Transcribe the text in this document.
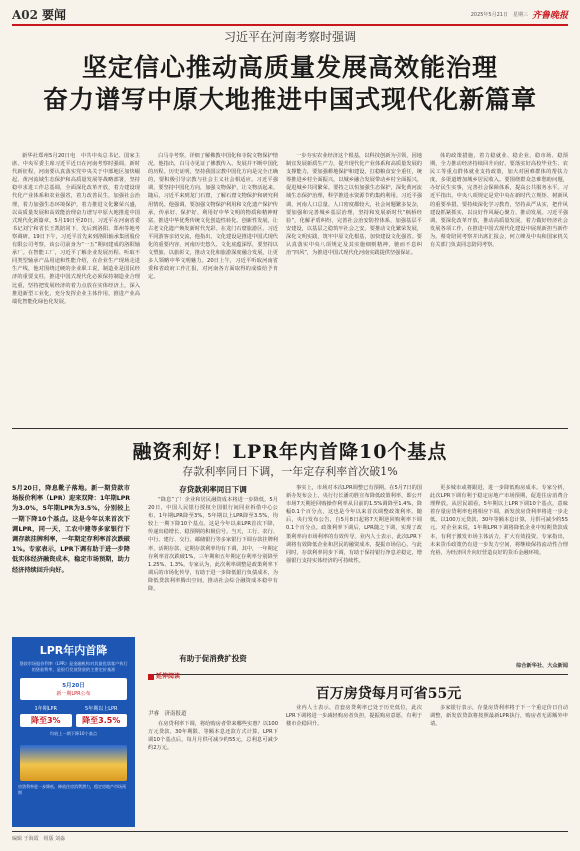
A02 要闻	2025年5月21日　星期三 齐鲁晚报
习近平在河南考察时强调
坚定信心推动高质量发展高效能治理
奋力谱写中原大地推进中国式现代化新篇章

新华社郑州5月20日电　中共中央总书记、国家主席、中央军委主席习近平近日在河南考察时强调，新时代新征程，河南要认真落实党中央关于中部地区加快崛起、黄河流域生态保护和高质量发展等战略部署，坚持稳中求进工作总基调，全面深化改革开放，着力建设现代化产业体系和农业强省，着力改善民生，加强社会治理，着力加强生态环境保护，着力推进文化繁荣兴盛，以高质量发展和高效能治理奋力谱写中原大地推进中国式现代化新篇章。5月19日至20日，习近平在河南省委书记刘宁和省长王凯陪同下，先后到洛阳、郑州等地考察调研。19日下午，习近平首先来到洛阳轴承集团股份有限公司考察，该公司前身为“一五”期间建成的洛阳轴承厂。在智能工厂，习近平了解企业发展历程、听取不同类型轴承产品用途和性能介绍，在企业生产现场走进生产线，他对围绕过硬的企业职工说，制造业是国民经济的重要支柱，推进中国式现代化必须保持制造业合理比重，坚持把发展经济的着力点放在实体经济上，深入推进新型工业化，充分发挥企业主体作用，推进产业高端化智能化绿色化发展。

白马寺考察，详细了解佛教中国化和寺院文物保护情况。他指出，白马寺见证了佛教传入、发展并不断中国化的历程。历史证明，坚持我国宗教中国化方向是完全正确的，要积极引导宗教与社会主义社会相适应。习近平强调，要坚持中国化方向，加强文物保护，让文物活起来。随后，习近平来到龙门石窟，了解石窟文物保护和研究利用情况。他强调，要加强文物保护利用和文化遗产保护传承，传承好、保护好、利用好中华文明的物质和精神财富，推进中华优秀传统文化创造性转化、创新性发展，让古老文化遗产焕发新时代光彩。在龙门石窟旅游区，习近平同游客亲切交流，他指出，文化建设是推进中国式现代化的重要内容，河南历史悠久、文化底蕴深厚，要坚持以文塑旅、以旅彰文，推动文化和旅游深度融合发展，让更多人领略中华文明魅力。20日上午，习近平听取河南省委和省政府工作汇报，对河南各方面取得的成绩给予肯定。

一步夯实农业经济这个根基，以科技创新为引领，因地制宜发展新质生产力，提升现代化产业体系和高质量发展的支撑能力，要加强耕地保护和建设，扛稳粮食安全重任，统筹推进乡村全面振兴，以城乡融合发展带动乡村全面振兴，促进城乡共同繁荣。要持之以恒加强生态保护，深化黄河流域生态保护治理，科学推进水资源节约集约利用。习近平强调，河南人口总量、人口密度都较大，社会问题繁多复杂，要加强和完善城乡基层治理，坚持和发展新时代“枫桥经验”，化解矛盾纠纷，完善社会治安防控体系，加强基层平安建设，以基层之稳筑牢社会之安。要推动文化繁荣发展，深化文明实践，筑牢中原文化根基，加快建设文化强省。要认真落实中央八项规定及其实施细则精神，驰而不息纠治“四风”，为推进中国式现代化河南实践提供坚强保证。

体的政策措施，着力稳就业、稳企业、稳市场、稳预期，全力推动经济持续回升向好。要落实好高校毕业生、农民工等重点群体就业支持政策，加大对困难群体的帮扶力度，多渠道增加城乡居民收入。要围绕群众急难愁盼问题，办好民生实事，完善社会保障体系，提高公共服务水平。习近平指出，中央八项规定是党中央在新时代立规矩、树新风的重要举措。要持续深化学习教育，坚持从严从实，把作风建设抓紧抓实，以良好作风凝心聚力、推动发展。习近平强调，要深化改革开放，推动高质量发展，着力做好经济社会发展各项工作，在推进中国式现代化建设中展现新担当新作为。蔡奇陪同考察并出席汇报会，何立峰及中央和国家机关有关部门负责同志陪同考察。

融资利好！LPR年内首降10个基点
存款利率同日下调，一年定存利率首次破1%
5月20日，降息靴子落地。新一期贷款市场报价利率（LPR）迎来双降：1年期LPR为3.0%，5年期LPR为3.5%，分别较上一期下降10个基点。这是今年以来首次下调LPR，同一天，工农中建等多家银行下调存款挂牌利率，一年期定存利率首次跌破1%。专家表示，LPR下调有助于进一步降低实体经济融资成本，稳定市场预期，助力经济持续回升向好。
LPR年内首降
贷款市场报价利率（LPR）是金融机构对其最优质客户执行的贷款利率，是银行发放贷款的主要定价基准
5月20日
新一期LPR公布
1年期LPR
降至3%
5年期以上LPR
降至3.5%
均较上一期下降10个基点
房贷利率进一步降低，释放住房消费潜力，稳定房地产市场预期
存贷款利率同日下调

“降息”了！企业和居民融资成本将进一步降低。5月20日，中国人民银行授权全国银行间同业拆借中心公布，1年期LPR降至3%，5年期以上LPR降至3.5%，均较上一期下降10个基点。这是今年以来LPR首次下降，传递出稳增长、稳预期的积极信号。当天，工行、农行、中行、建行、交行、邮储银行等多家银行下调存款挂牌利率，活期存款、定期存款利率均有下调，其中，一年期定存利率首次跌破1%，三年期和五年期定存利率分别降至1.25%、1.3%。专家认为，此次利率调整是政策利率下调后的市场化传导，有助于进一步降低银行负债成本，为降低贷款利率腾出空间，推动社会综合融资成本稳中有降。

有助于促消费扩投资

事实上，市场对本次LPR调整已有预期。在5月7日的国新办发布会上，央行行长潘功胜宣布降低政策利率，即公开市场7天期逆回购操作利率从目前的1.5%调降至1.4%，降幅0.1个百分点，这也是今年以来首次调整政策利率。随后，央行发布公告，自5月8日起将7天期逆回购利率下调0.1个百分点。政策利率下调后，LPR随之下调，实现了政策利率向市场利率的有效传导。业内人士表示，此次LPR下调将有效降低企业和居民的融资成本，提振市场信心。与此同时，存款利率同步下调，有助于保持银行净息差稳定，增强银行支持实体经济的可持续性。

更多城市或将跟进，进一步降低购房成本。专家分析，此次LPR下调有利于稳定房地产市场预期，促进住房消费合理释放。从居民端看，5年期以上LPR下调10个基点，意味着存量房贷利率也将相应下调，新发放房贷利率将进一步走低。以100万元贷款、30年等额本息计算，月供可减少约55元。对企业来说，1年期LPR下调将降低企业中短期贷款成本，有利于激发市场主体活力，扩大有效投资。专家指出，未来货币政策仍有进一步发力空间，将继续保持流动性合理充裕，为经济回升向好营造良好的货币金融环境。

综合新华社、大众新闻
延伸阅读
百万房贷每月可省55元
尹睿　济南报道

在房贷利率下调，将给购房者带来哪些实惠？以100万元贷款、30年期限、等额本息还款方式计算，LPR下调10个基点后，每月月供可减少约55元，总利息可减少约2万元。

业内人士表示，首套房贷利率已处于历史低位，此次LPR下调将进一步减轻购房者负担，提振购房意愿，有利于楼市企稳回升。

多家银行表示，存量房贷利率将于下一个重定价日自动调整，新发放贷款将按照最新LPR执行，购房者无需额外申请。

编辑 于海霞　组版 刘淼
